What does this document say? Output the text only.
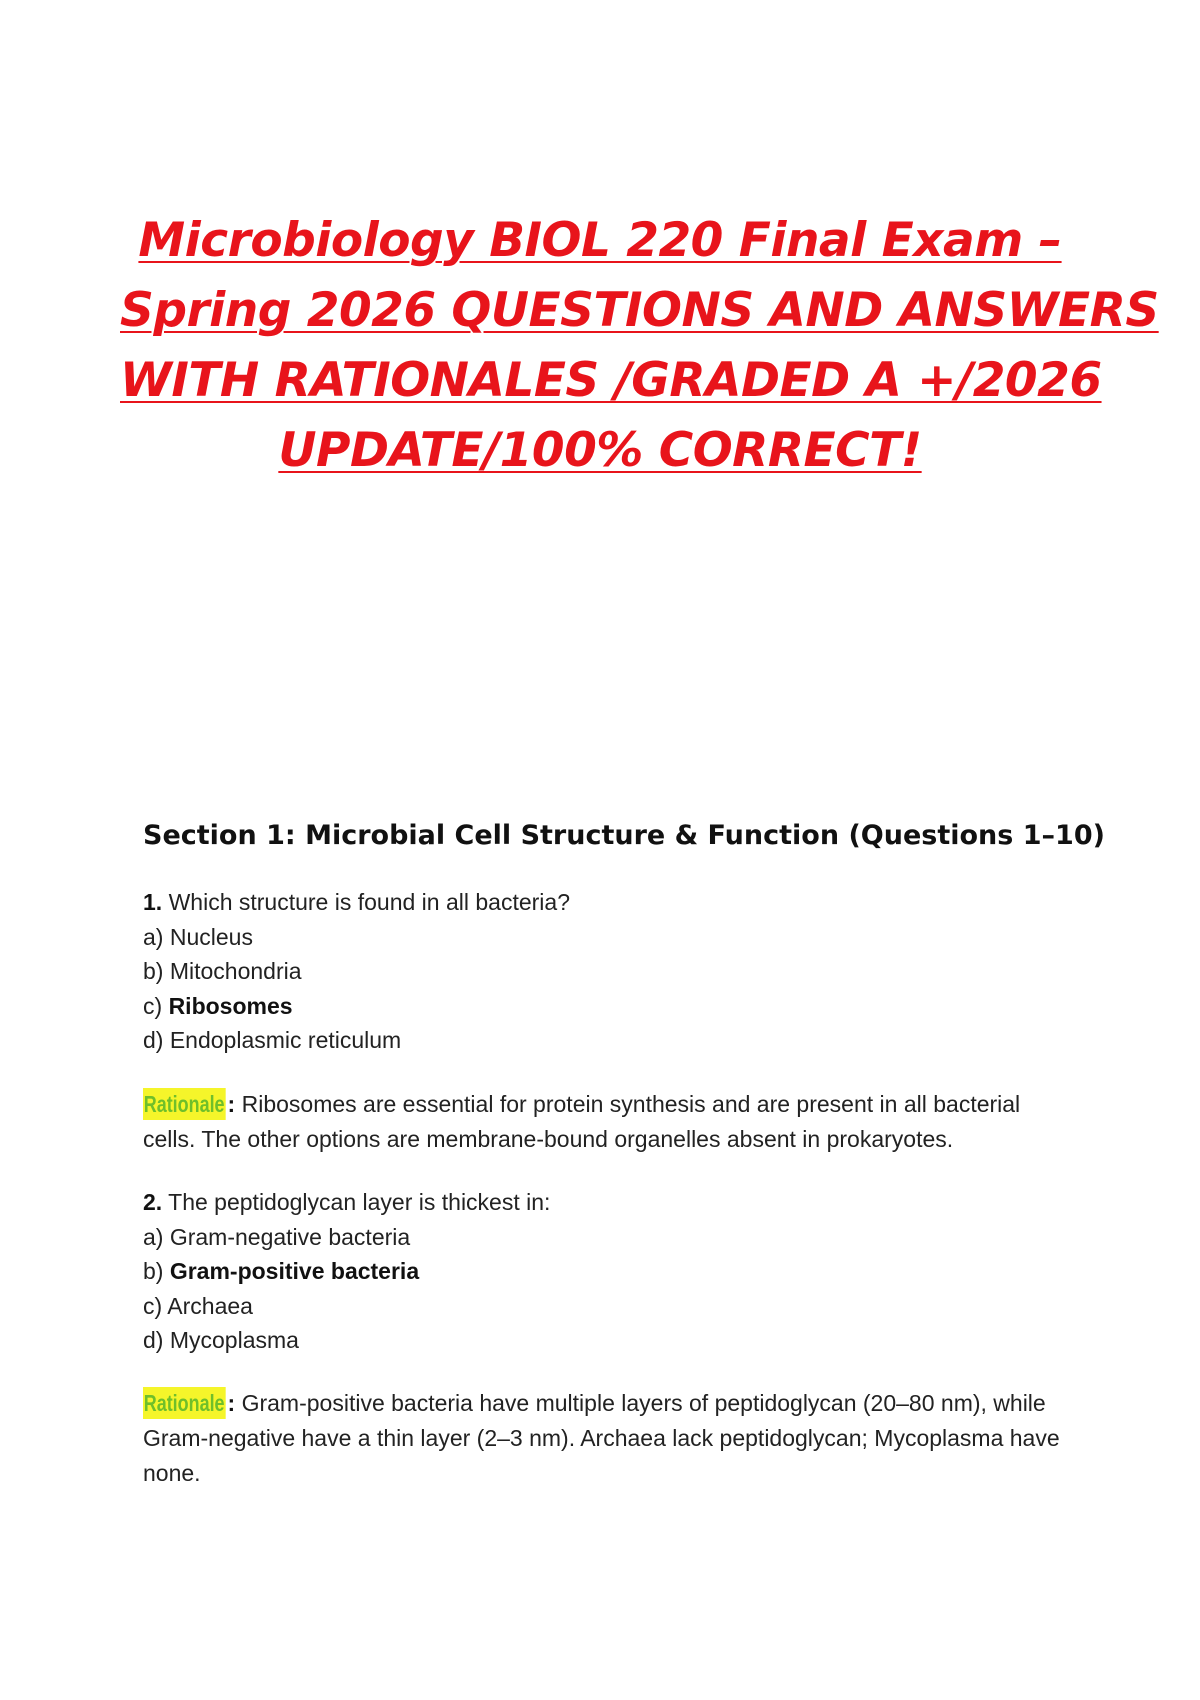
Microbiology BIOL 220 Final Exam –
Spring 2026 QUESTIONS AND ANSWERS
WITH RATIONALES /GRADED A +/2026
UPDATE/100% CORRECT!
Section 1: Microbial Cell Structure & Function (Questions 1–10)
1. Which structure is found in all bacteria?
a) Nucleus
b) Mitochondria
c) Ribosomes
d) Endoplasmic reticulum
Rationale : Ribosomes are essential for protein synthesis and are present in all bacterial cells. The other options are membrane-bound organelles absent in prokaryotes.
2. The peptidoglycan layer is thickest in:
a) Gram-negative bacteria
b) Gram-positive bacteria
c) Archaea
d) Mycoplasma
Rationale : Gram-positive bacteria have multiple layers of peptidoglycan (20–80 nm), while Gram-negative have a thin layer (2–3 nm). Archaea lack peptidoglycan; Mycoplasma have none.
